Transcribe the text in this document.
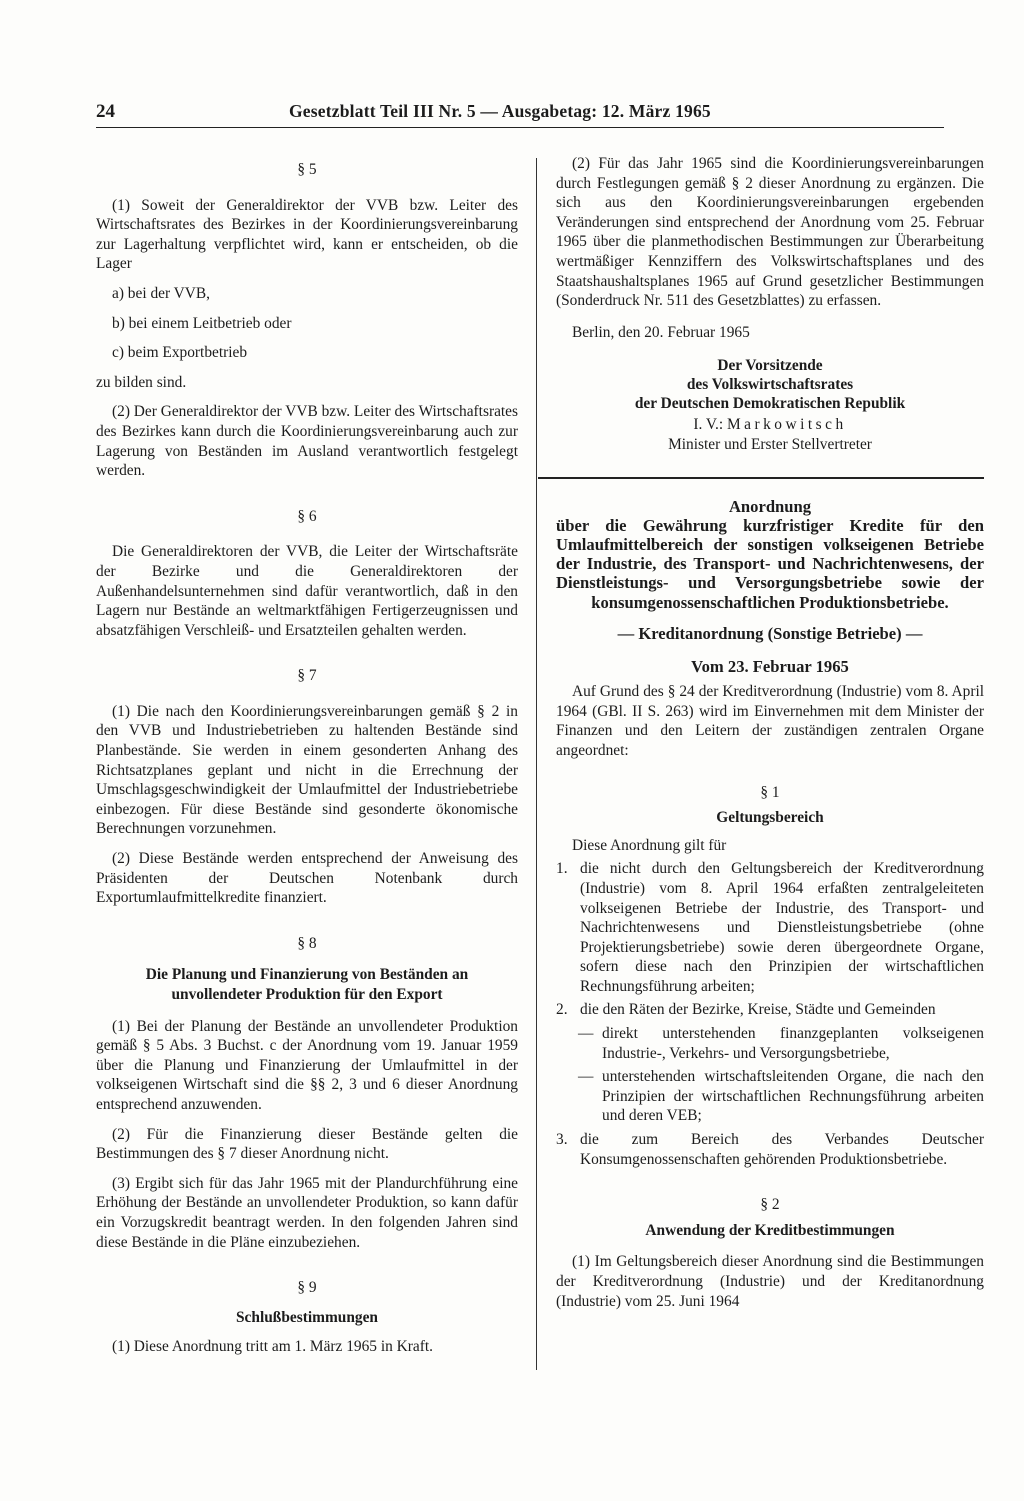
24	Gesetzblatt Teil III Nr. 5 — Ausgabetag: 12. März 1965
§ 5

(1) Soweit der Generaldirektor der VVB bzw. Leiter des Wirtschaftsrates des Bezirkes in der Koordinierungsvereinbarung zur Lagerhaltung verpflichtet wird, kann er entscheiden, ob die Lager

a) bei der VVB,
b) bei einem Leitbetrieb oder
c) beim Exportbetrieb

zu bilden sind.

(2) Der Generaldirektor der VVB bzw. Leiter des Wirtschaftsrates des Bezirkes kann durch die Koordinierungsvereinbarung auch zur Lagerung von Beständen im Ausland verantwortlich festgelegt werden.

§ 6

Die Generaldirektoren der VVB, die Leiter der Wirtschaftsräte der Bezirke und die Generaldirektoren der Außenhandelsunternehmen sind dafür verantwortlich, daß in den Lagern nur Bestände an weltmarktfähigen Fertigerzeugnissen und absatzfähigen Verschleiß- und Ersatzteilen gehalten werden.

§ 7

(1) Die nach den Koordinierungsvereinbarungen gemäß § 2 in den VVB und Industriebetrieben zu haltenden Bestände sind Planbestände. Sie werden in einem gesonderten Anhang des Richtsatzplanes geplant und nicht in die Errechnung der Umschlagsgeschwindigkeit der Umlaufmittel der Industriebetriebe einbezogen. Für diese Bestände sind gesonderte ökonomische Berechnungen vorzunehmen.

(2) Diese Bestände werden entsprechend der Anweisung des Präsidenten der Deutschen Notenbank durch Exportumlaufmittelkredite finanziert.

§ 8

Die Planung und Finanzierung von Beständen an unvollendeter Produktion für den Export

(1) Bei der Planung der Bestände an unvollendeter Produktion gemäß § 5 Abs. 3 Buchst. c der Anordnung vom 19. Januar 1959 über die Planung und Finanzierung der Umlaufmittel in der volkseigenen Wirtschaft sind die §§ 2, 3 und 6 dieser Anordnung entsprechend anzuwenden.

(2) Für die Finanzierung dieser Bestände gelten die Bestimmungen des § 7 dieser Anordnung nicht.

(3) Ergibt sich für das Jahr 1965 mit der Plandurchführung eine Erhöhung der Bestände an unvollendeter Produktion, so kann dafür ein Vorzugskredit beantragt werden. In den folgenden Jahren sind diese Bestände in die Pläne einzubeziehen.

§ 9

Schlußbestimmungen

(1) Diese Anordnung tritt am 1. März 1965 in Kraft.

(2) Für das Jahr 1965 sind die Koordinierungsvereinbarungen durch Festlegungen gemäß § 2 dieser Anordnung zu ergänzen. Die sich aus den Koordinierungsvereinbarungen ergebenden Veränderungen sind entsprechend der Anordnung vom 25. Februar 1965 über die planmethodischen Bestimmungen zur Überarbeitung wertmäßiger Kennziffern des Volkswirtschaftsplanes und des Staatshaushaltsplanes 1965 auf Grund gesetzlicher Bestimmungen (Sonderdruck Nr. 511 des Gesetzblattes) zu erfassen.

Berlin, den 20. Februar 1965

Der Vorsitzende
des Volkswirtschaftsrates
der Deutschen Demokratischen Republik
I. V.: Markowitsch
Minister und Erster Stellvertreter
Anordnung
über die Gewährung kurzfristiger Kredite für den Umlaufmittelbereich der sonstigen volkseigenen Betriebe der Industrie, des Transport- und Nachrichtenwesens, der Dienstleistungs- und Versorgungsbetriebe sowie der konsumgenossenschaftlichen Produktionsbetriebe.
— Kreditanordnung (Sonstige Betriebe) —
Vom 23. Februar 1965

Auf Grund des § 24 der Kreditverordnung (Industrie) vom 8. April 1964 (GBl. II S. 263) wird im Einvernehmen mit dem Minister der Finanzen und den Leitern der zuständigen zentralen Organe angeordnet:

§ 1
Geltungsbereich

Diese Anordnung gilt für

1. die nicht durch den Geltungsbereich der Kreditverordnung (Industrie) vom 8. April 1964 erfaßten zentralgeleiteten volkseigenen Betriebe der Industrie, des Transport- und Nachrichtenwesens und Dienstleistungsbetriebe (ohne Projektierungsbetriebe) sowie deren übergeordnete Organe, sofern diese nach den Prinzipien der wirtschaftlichen Rechnungsführung arbeiten;
2. die den Räten der Bezirke, Kreise, Städte und Gemeinden
— direkt unterstehenden finanzgeplanten volkseigenen Industrie-, Verkehrs- und Versorgungsbetriebe,
— unterstehenden wirtschaftsleitenden Organe, die nach den Prinzipien der wirtschaftlichen Rechnungsführung arbeiten und deren VEB;
3. die zum Bereich des Verbandes Deutscher Konsumgenossenschaften gehörenden Produktionsbetriebe.
§ 2
Anwendung der Kreditbestimmungen

(1) Im Geltungsbereich dieser Anordnung sind die Bestimmungen der Kreditverordnung (Industrie) und der Kreditanordnung (Industrie) vom 25. Juni 1964
